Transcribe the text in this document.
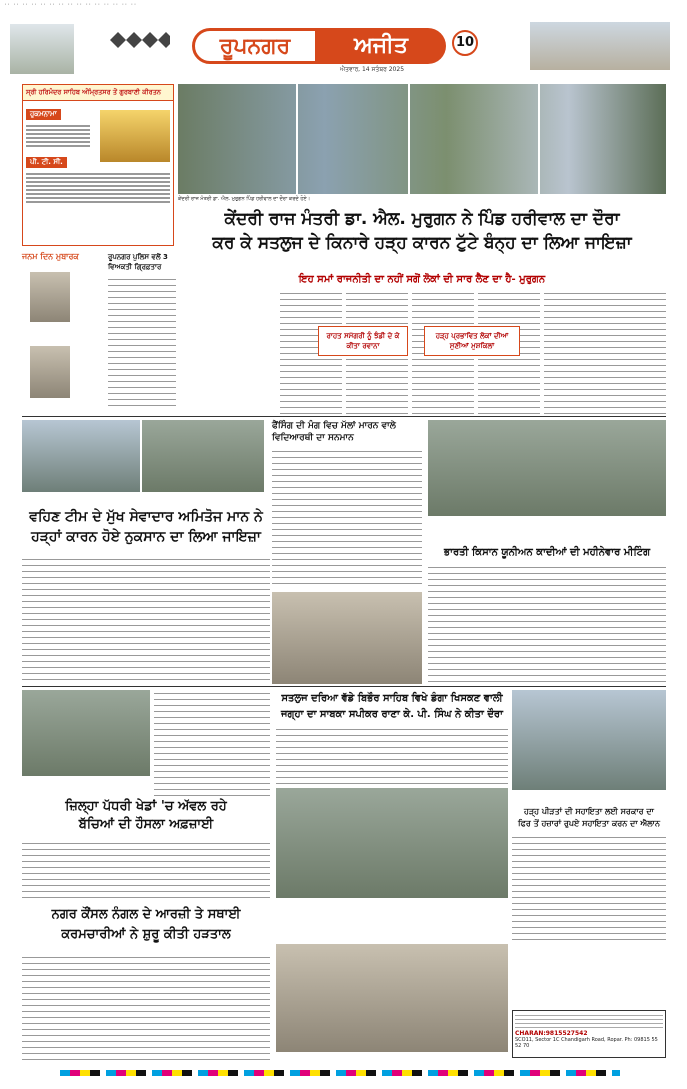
·· ·· ·· ·· ·· ·· ·· ·· ·· ·· ·· ·· ·· ·· ··
ਰੂਪਨਗਰ	ਅਜੀਤ	10
ਐਤਵਾਰ, 14 ਸਤੰਬਰ 2025
ਸ੍ਰੀ ਹਰਿਮੰਦਰ ਸਾਹਿਬ ਅੰਮ੍ਰਿਤਸਰ ਤੋਂ ਗੁਰਬਾਣੀ ਕੀਰਤਨ
ਹੁਕਮਨਾਮਾ
ਪੀ. ਟੀ. ਸੀ.
ਕੇਂਦਰੀ ਰਾਜ ਮੰਤਰੀ ਡਾ. ਐਲ. ਮੁਰੁਗਨ ਪਿੰਡ ਹਰੀਵਾਲ ਦਾ ਦੌਰਾ ਕਰਦੇ ਹੋਏ।
ਕੇਂਦਰੀ ਰਾਜ ਮੰਤਰੀ ਡਾ. ਐਲ. ਮੁਰੁਗਨ ਨੇ ਪਿੰਡ ਹਰੀਵਾਲ ਦਾ ਦੌਰਾ
ਕਰ ਕੇ ਸਤਲੁਜ ਦੇ ਕਿਨਾਰੇ ਹੜ੍ਹ ਕਾਰਨ ਟੁੱਟੇ ਬੰਨ੍ਹ ਦਾ ਲਿਆ ਜਾਇਜ਼ਾ
ਇਹ ਸਮਾਂ ਰਾਜਨੀਤੀ ਦਾ ਨਹੀਂ ਸਗੋਂ ਲੋਕਾਂ ਦੀ ਸਾਰ ਲੈਣ ਦਾ ਹੈ- ਮੁਰੁਗਨ
ਰਾਹਤ ਸਮੱਗਰੀ ਨੂੰ ਝੰਡੀ ਦੇ ਕੇ ਕੀਤਾ ਰਵਾਨਾ
ਹੜ੍ਹ ਪ੍ਰਭਾਵਿਤ ਲੋਕਾਂ ਦੀਆਂ ਸੁਣੀਆਂ ਮੁਸ਼ਕਿਲਾਂ
ਜਨਮ ਦਿਨ ਮੁਬਾਰਕ	ਰੂਪਨਗਰ ਪੁਲਿਸ ਵਲੋਂ 3 ਵਿਅਕਤੀ ਗ੍ਰਿਫ਼ਤਾਰ
ਵਹਿਣ ਟੀਮ ਦੇ ਮੁੱਖ ਸੇਵਾਦਾਰ ਅਮਿਤੋਜ ਮਾਨ ਨੇ
ਹੜ੍ਹਾਂ ਕਾਰਨ ਹੋਏ ਨੁਕਸਾਨ ਦਾ ਲਿਆ ਜਾਇਜ਼ਾ
ਫੈਂਸਿੰਗ ਦੀ ਮੰਗ ਵਿਚ ਮੱਲਾਂ ਮਾਰਨ ਵਾਲੇ ਵਿਦਿਆਰਥੀ ਦਾ ਸਨਮਾਨ
ਭਾਰਤੀ ਕਿਸਾਨ ਯੂਨੀਅਨ ਕਾਦੀਆਂ ਦੀ ਮਹੀਨੇਵਾਰ ਮੀਟਿੰਗ
ਜ਼ਿਲ੍ਹਾ ਪੱਧਰੀ ਖੇਡਾਂ 'ਚ ਅੱਵਲ ਰਹੇ
ਬੱਚਿਆਂ ਦੀ ਹੌਸਲਾ ਅਫ਼ਜ਼ਾਈ
ਸਤਲੁਜ ਦਰਿਆ ਵੱਡੇ ਬਿਭੌਰ ਸਾਹਿਬ ਵਿਖੇ ਡੰਗਾ ਖਿਸਕਣ ਵਾਲੀ
ਜਗ੍ਹਾ ਦਾ ਸਾਬਕਾ ਸਪੀਕਰ ਰਾਣਾ ਕੇ. ਪੀ. ਸਿੰਘ ਨੇ ਕੀਤਾ ਦੌਰਾ
ਹੜ੍ਹ ਪੀੜਤਾਂ ਦੀ ਸਹਾਇਤਾ ਲਈ ਸਰਕਾਰ ਦਾ
ਫਿਰ ਤੋਂ ਹਜ਼ਾਰਾਂ ਰੁਪਏ ਸਹਾਇਤਾ ਕਰਨ ਦਾ ਐਲਾਨ
ਨਗਰ ਕੌਂਸਲ ਨੰਗਲ ਦੇ ਆਰਜ਼ੀ ਤੇ ਸਥਾਈ
ਕਰਮਚਾਰੀਆਂ ਨੇ ਸ਼ੁਰੂ ਕੀਤੀ ਹੜਤਾਲ
CHARAN:9815527542
SCO11, Sector 1C Chandigarh Road, Ropar. Ph: 09815 55 52 70
